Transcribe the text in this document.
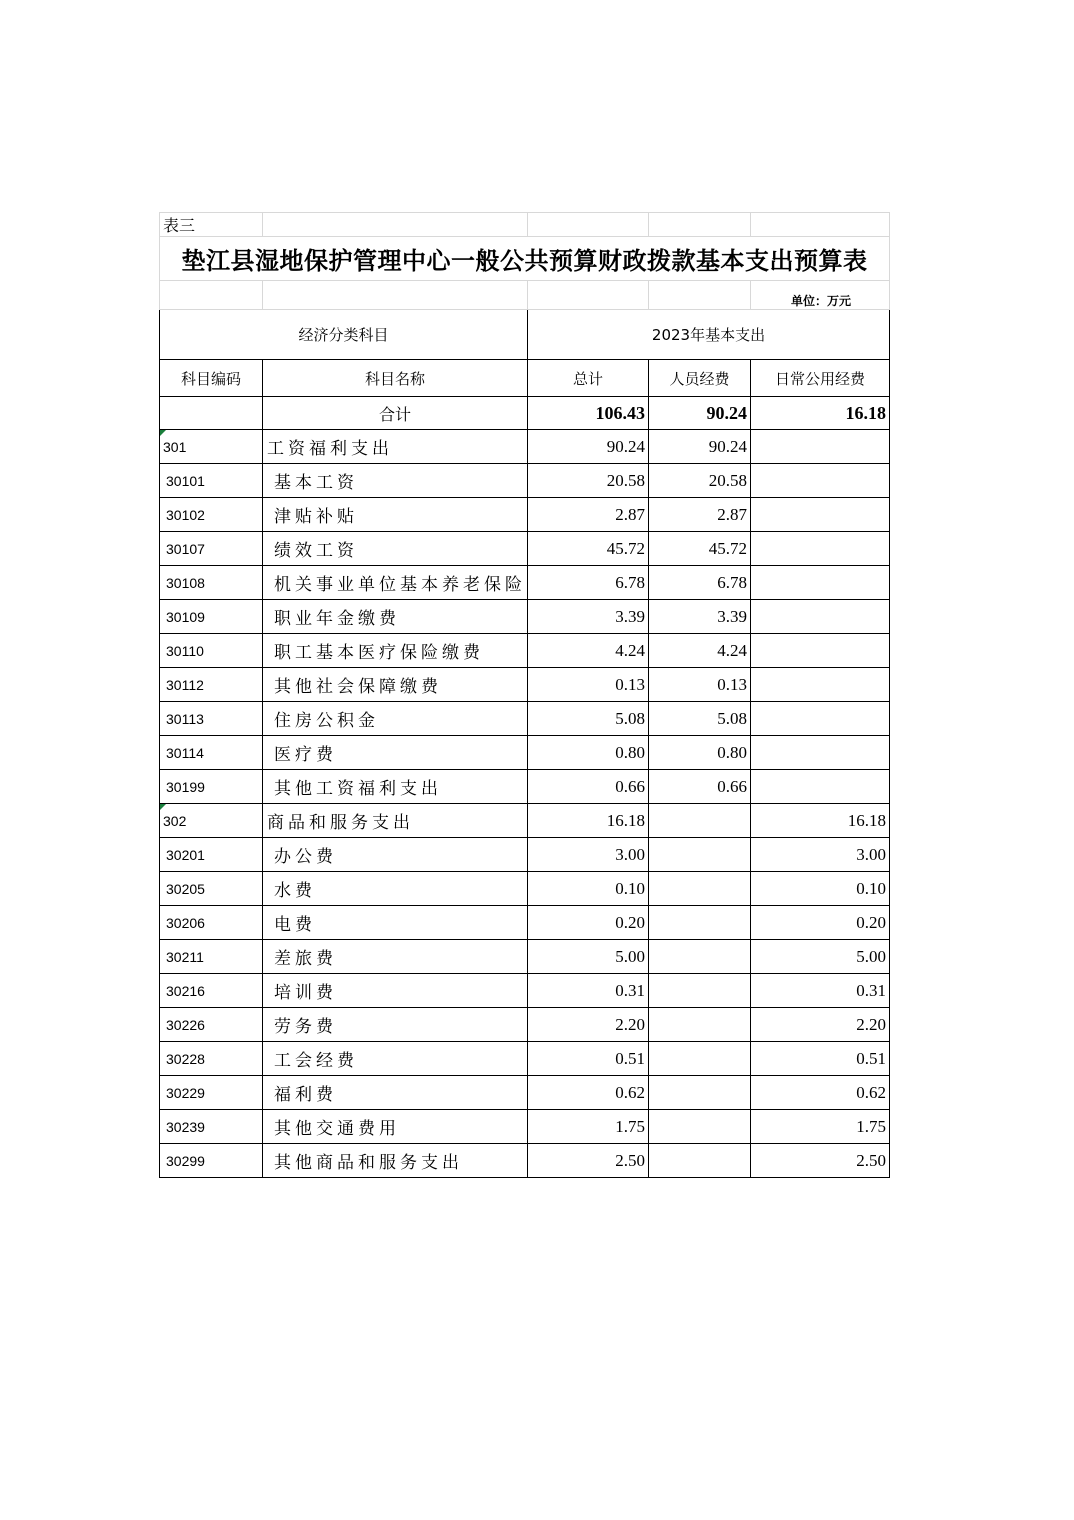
表三				
垫江县湿地保护管理中心一般公共预算财政拨款基本支出预算表				
				单位：万元
经济分类科目		2023年基本支出		
科目编码	科目名称	总计	人员经费	日常公用经费
	合计	106.43	90.24	16.18
301	工资福利支出	90.24	90.24	
30101	基本工资	20.58	20.58	
30102	津贴补贴	2.87	2.87	
30107	绩效工资	45.72	45.72	
30108	机关事业单位基本养老保险	6.78	6.78	
30109	职业年金缴费	3.39	3.39	
30110	职工基本医疗保险缴费	4.24	4.24	
30112	其他社会保障缴费	0.13	0.13	
30113	住房公积金	5.08	5.08	
30114	医疗费	0.80	0.80	
30199	其他工资福利支出	0.66	0.66	
302	商品和服务支出	16.18		16.18
30201	办公费	3.00		3.00
30205	水费	0.10		0.10
30206	电费	0.20		0.20
30211	差旅费	5.00		5.00
30216	培训费	0.31		0.31
30226	劳务费	2.20		2.20
30228	工会经费	0.51		0.51
30229	福利费	0.62		0.62
30239	其他交通费用	1.75		1.75
30299	其他商品和服务支出	2.50		2.50
